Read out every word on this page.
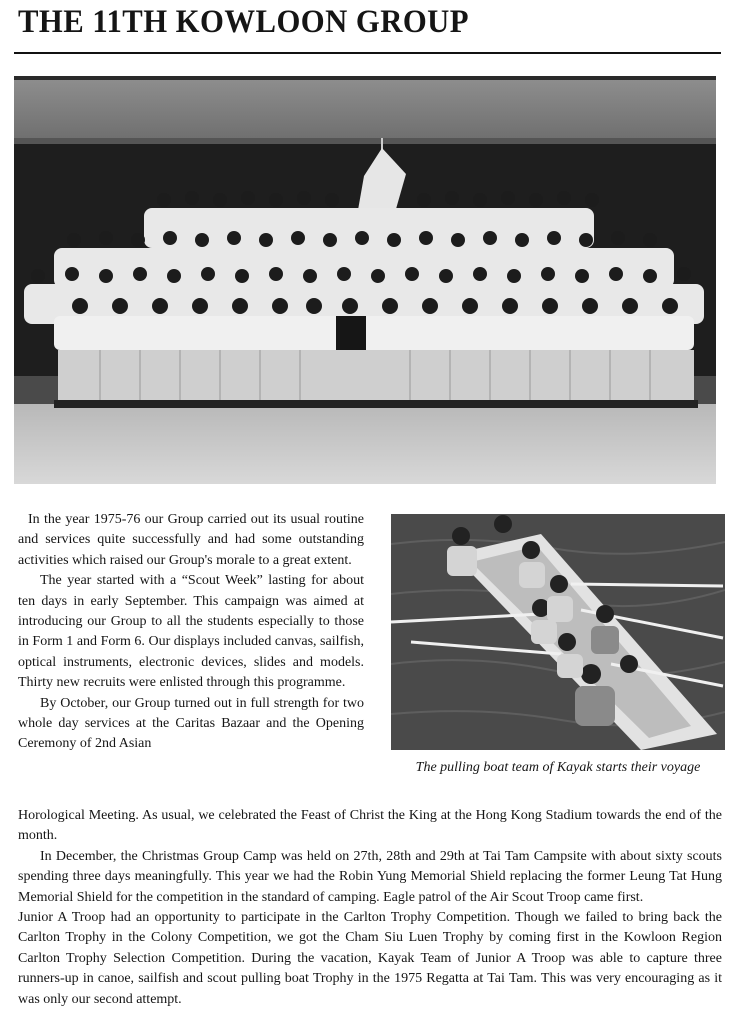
THE 11TH KOWLOON GROUP

The pulling boat team of Kayak starts their voyage

In the year 1975-76 our Group carried out its usual routine and services quite successfully and had some outstanding activities which raised our Group's morale to a great extent.

The year started with a “Scout Week” lasting for about ten days in early September. This campaign was aimed at introducing our Group to all the students especially to those in Form 1 and Form 6. Our displays included canvas, sailfish, optical instruments, electronic devices, slides and models. Thirty new recruits were enlisted through this programme.

By October, our Group turned out in full strength for two whole day services at the Caritas Bazaar and the Opening Ceremony of 2nd Asian

Horological Meeting. As usual, we celebrated the Feast of Christ the King at the Hong Kong Stadium towards the end of the month.

In December, the Christmas Group Camp was held on 27th, 28th and 29th at Tai Tam Campsite with about sixty scouts spending three days meaningfully. This year we had the Robin Yung Memorial Shield replacing the former Leung Tat Hung Memorial Shield for the competition in the standard of camping. Eagle patrol of the Air Scout Troop came first.

Junior A Troop had an opportunity to participate in the Carlton Trophy Competition. Though we failed to bring back the Carlton Trophy in the Colony Competition, we got the Cham Siu Luen Trophy by coming first in the Kowloon Region Carlton Trophy Selection Competition. During the vacation, Kayak Team of Junior A Troop was able to capture three runners-up in canoe, sailfish and scout pulling boat Trophy in the 1975 Regatta at Tai Tam. This was very encouraging as it was only our second attempt.
